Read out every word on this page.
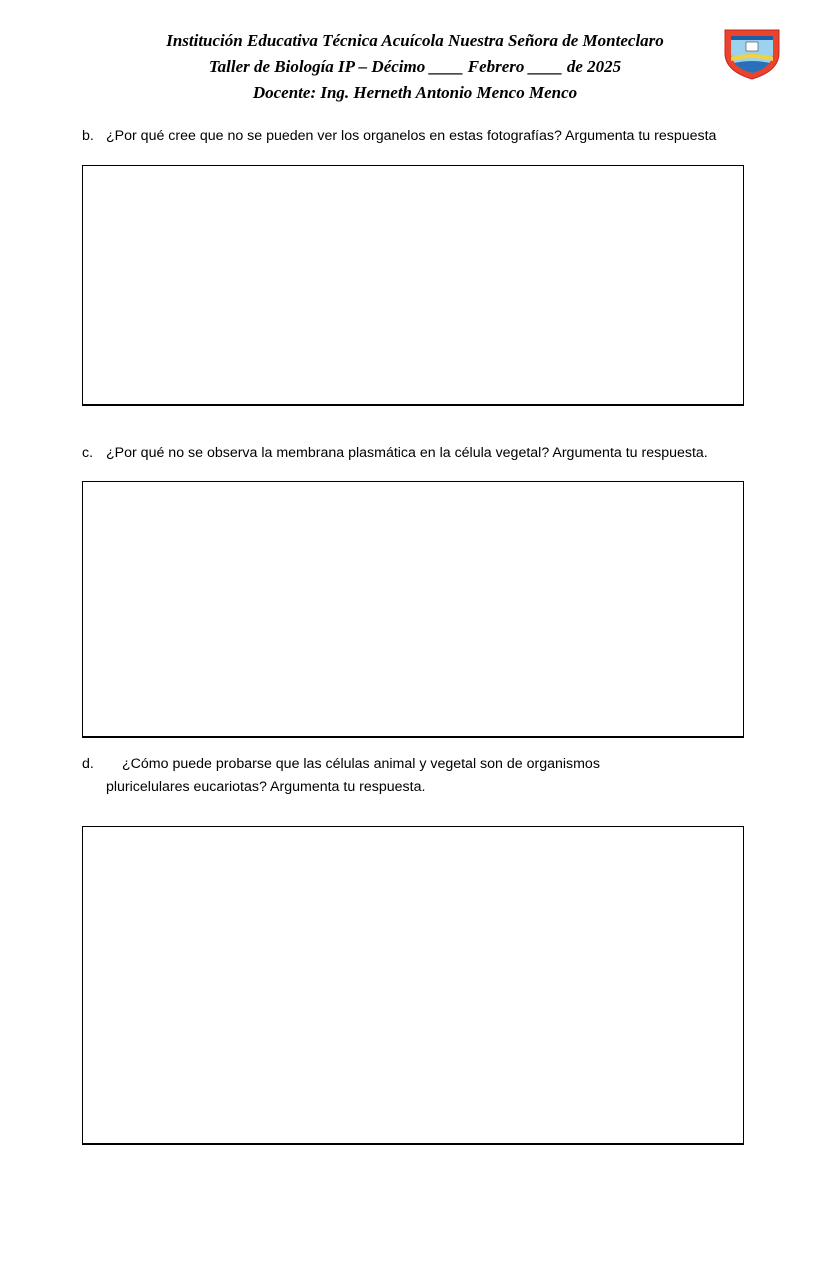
Institución Educativa Técnica Acuícola Nuestra Señora de Monteclaro
Taller de Biología IP – Décimo ____ Febrero ____ de 2025
Docente: Ing. Herneth Antonio Menco Menco
b. ¿Por qué cree que no se pueden ver los organelos en estas fotografías? Argumenta tu respuesta
c. ¿Por qué no se observa la membrana plasmática en la célula vegetal? Argumenta tu respuesta.
d. ¿Cómo puede probarse que las células animal y vegetal son de organismos
pluricelulares eucariotas? Argumenta tu respuesta.
